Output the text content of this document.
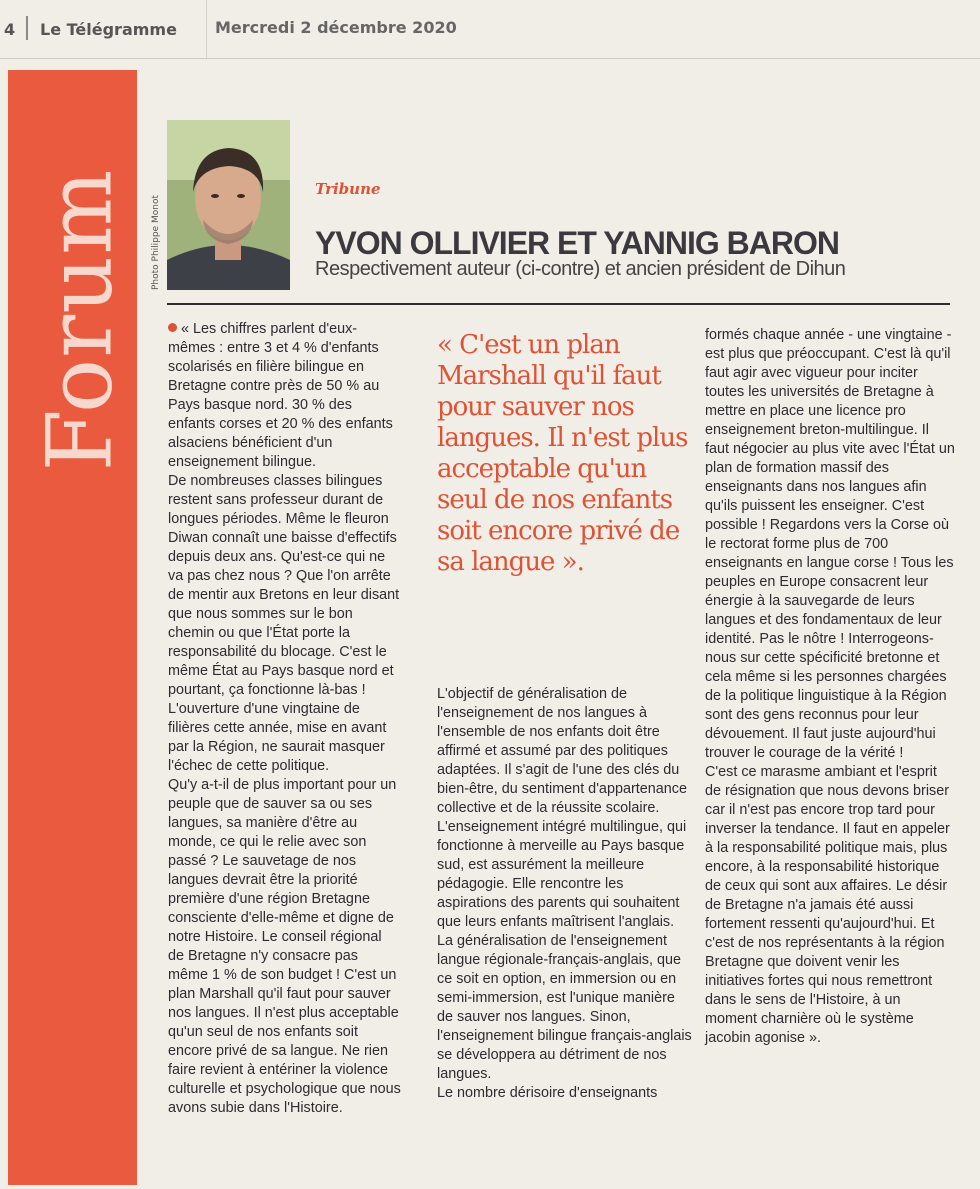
4 Le Télégramme Mercredi 2 décembre 2020
Forum Photo Philippe Monot
Tribune
YVON OLLIVIER ET YANNIG BARON
Respectivement auteur (ci-contre) et ancien président de Dihun

« Les chiffres parlent d'eux-mêmes : entre 3 et 4 % d'enfants scolarisés en filière bilingue en Bretagne contre près de 50 % au Pays basque nord. 30 % des enfants corses et 20 % des enfants alsaciens bénéficient d'un enseignement bilingue.

De nombreuses classes bilingues restent sans professeur durant de longues périodes. Même le fleuron Diwan connaît une baisse d'effectifs depuis deux ans. Qu'est-ce qui ne va pas chez nous ? Que l'on arrête de mentir aux Bretons en leur disant que nous sommes sur le bon chemin ou que l'État porte la responsabilité du blocage. C'est le même État au Pays basque nord et pourtant, ça fonctionne là-bas ! L'ouverture d'une vingtaine de filières cette année, mise en avant par la Région, ne saurait masquer l'échec de cette politique.

Qu'y a-t-il de plus important pour un peuple que de sauver sa ou ses langues, sa manière d'être au monde, ce qui le relie avec son passé ? Le sauvetage de nos langues devrait être la priorité première d'une région Bretagne consciente d'elle-même et digne de notre Histoire. Le conseil régional de Bretagne n'y consacre pas même 1 % de son budget ! C'est un plan Marshall qu'il faut pour sauver nos langues. Il n'est plus acceptable qu'un seul de nos enfants soit encore privé de sa langue. Ne rien faire revient à entériner la violence culturelle et psychologique que nous avons subie dans l'Histoire.

« C'est un plan Marshall qu'il faut pour sauver nos langues. Il n'est plus acceptable qu'un seul de nos enfants soit encore privé de sa langue ».

L'objectif de généralisation de l'enseignement de nos langues à l'ensemble de nos enfants doit être affirmé et assumé par des politiques adaptées. Il s'agit de l'une des clés du bien-être, du sentiment d'appartenance collective et de la réussite scolaire.

L'enseignement intégré multilingue, qui fonctionne à merveille au Pays basque sud, est assurément la meilleure pédagogie. Elle rencontre les aspirations des parents qui souhaitent que leurs enfants maîtrisent l'anglais. La généralisation de l'enseignement langue régionale-français-anglais, que ce soit en option, en immersion ou en semi-immersion, est l'unique manière de sauver nos langues. Sinon, l'enseignement bilingue français-anglais se développera au détriment de nos langues.

Le nombre dérisoire d'enseignants

formés chaque année - une vingtaine - est plus que préoccupant. C'est là qu'il faut agir avec vigueur pour inciter toutes les universités de Bretagne à mettre en place une licence pro enseignement breton-multilingue. Il faut négocier au plus vite avec l'État un plan de formation massif des enseignants dans nos langues afin qu'ils puissent les enseigner. C'est possible ! Regardons vers la Corse où le rectorat forme plus de 700 enseignants en langue corse ! Tous les peuples en Europe consacrent leur énergie à la sauvegarde de leurs langues et des fondamentaux de leur identité. Pas le nôtre ! Interrogeons-nous sur cette spécificité bretonne et cela même si les personnes chargées de la politique linguistique à la Région sont des gens reconnus pour leur dévouement. Il faut juste aujourd'hui trouver le courage de la vérité !

C'est ce marasme ambiant et l'esprit de résignation que nous devons briser car il n'est pas encore trop tard pour inverser la tendance. Il faut en appeler à la responsabilité politique mais, plus encore, à la responsabilité historique de ceux qui sont aux affaires. Le désir de Bretagne n'a jamais été aussi fortement ressenti qu'aujourd'hui. Et c'est de nos représentants à la région Bretagne que doivent venir les initiatives fortes qui nous remettront dans le sens de l'Histoire, à un moment charnière où le système jacobin agonise ».
